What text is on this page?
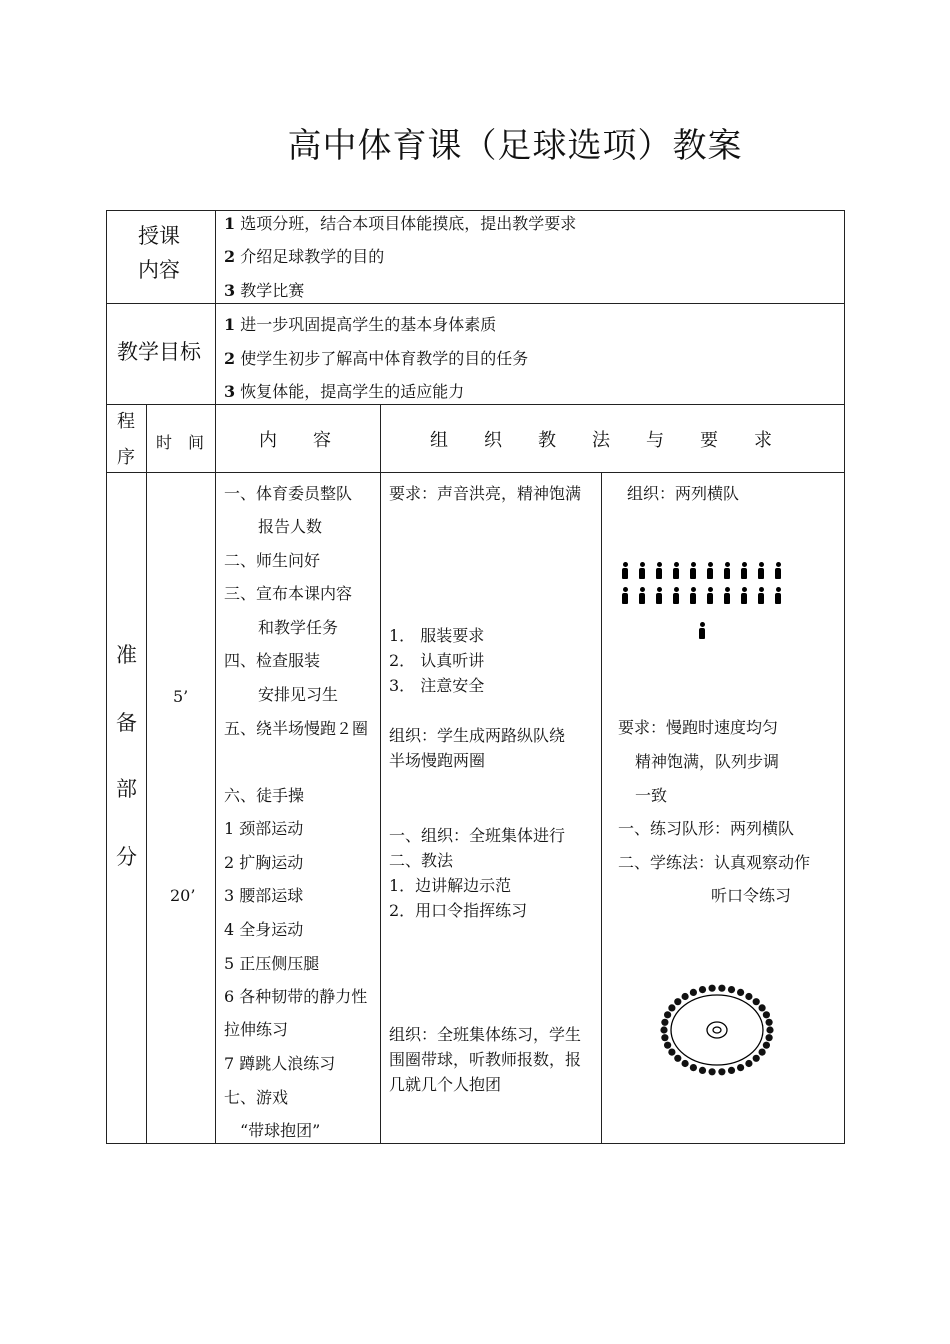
高中体育课（足球选项）教案
授课
内容
1 选项分班，结合本项目体能摸底，提出教学要求
2 介绍足球教学的目的
3 教学比赛
教学目标
1 进一步巩固提高学生的基本身体素质
2 使学生初步了解高中体育教学的目的任务
3 恢复体能，提高学生的适应能力
程
序
时　间	内　　容	组　　织　　教　　法　　与　　要　　求
准
备
部
分
5’
20’
一、体育委员整队
报告人数
二、师生问好
三、宣布本课内容
和教学任务
四、检查服装
安排见习生
五、绕半场慢跑２圈
六、徒手操
1 颈部运动
2 扩胸运动
3 腰部运球
4 全身运动
5 正压侧压腿
6 各种韧带的静力性
拉伸练习
7 蹲跳人浪练习
七、游戏
“带球抱团”
要求：声音洪亮，精神饱满
1． 服装要求
2． 认真听讲
3． 注意安全
组织：学生成两路纵队绕
半场慢跑两圈
一、组织：全班集体进行
二、教法
1．边讲解边示范
2．用口令指挥练习
组织：全班集体练习，学生
围圈带球，听教师报数，报
几就几个人抱团
组织：两列横队
要求：慢跑时速度均匀
精神饱满，队列步调
一致
一、练习队形：两列横队
二、学练法：认真观察动作
听口令练习
